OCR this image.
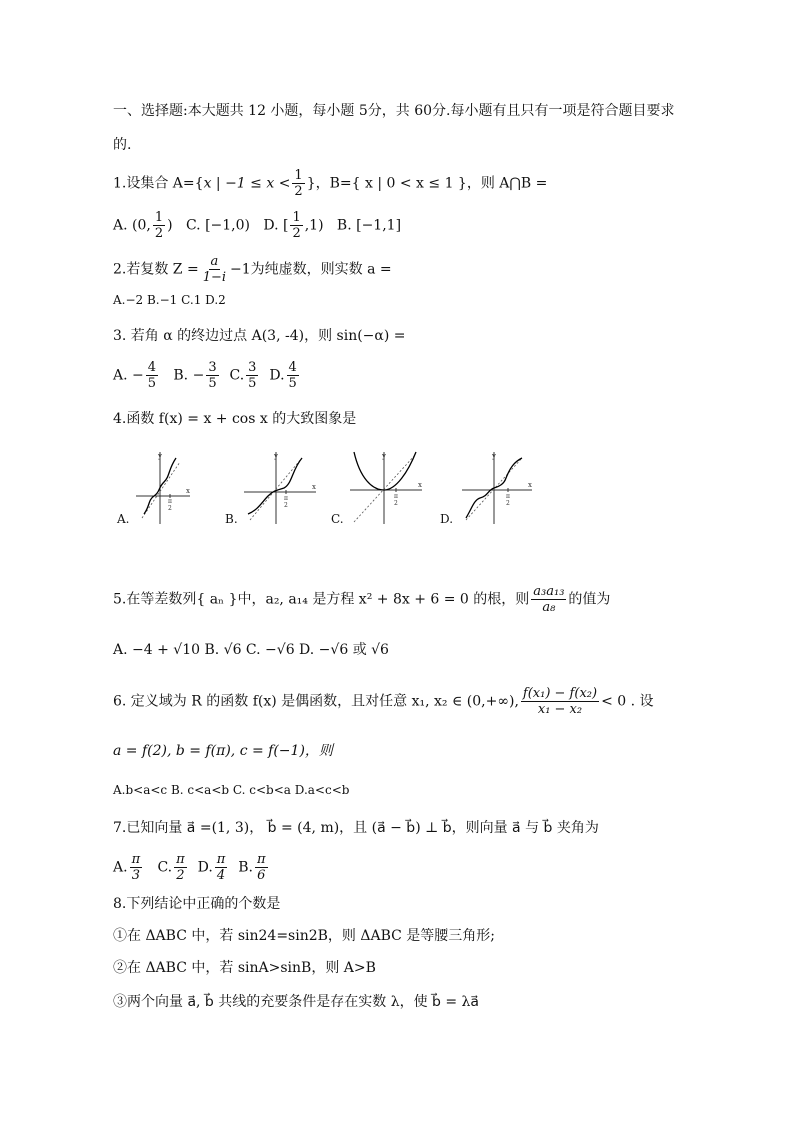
一、选择题:本大题共 12 小题，每小题 5分，共 60分.每小题有且只有一项是符合题目要求
的.
1.设集合 A={x | $-1 \le x < \frac{1}{2}$ }，B={ x | 0 < x ≤ 1 }，则 A⋂B =
A. (0, $\frac{1}{2}$ ) C. [−1,0) D. [ $\frac{1}{2} ,1$) B. [−1,1]
2.若复数 $Z = \frac{a}{1-i} -1$为纯虚数，则实数 a =
A.−2 B.−1 C.1 D.2
3. 若角 α 的终边过点 A(3, -4)，则 sin(−α) =
A. − $\frac{4}{5} B$. − $\frac{3}{5} C$. $\frac{3}{5} D$. $\frac{4}{5}$
4.函数 f(x) = x + cos x 的大致图象是
y
x
π
2
y
x
π
2
y
x
π
2
y
x
π
2
A.	B.	C.	D.
5.在等差数列{ aₙ }中，a₂, a₁₄ 是方程 x² + 8x + 6 = 0 的根，则 $\frac{\text{a₃a₁₃}}{\text{a₈}}$ 的值为
A. −4 + √10 B. √6 C. −√6 D. −√6 或 √6
6. 定义域为 R 的函数 f(x) 是偶函数，且对任意 x₁, x₂ ∈ (0,+∞), $\frac{\text{f(x₁) − f(x₂)}}{\text{x₁ − x₂}} < 0$ . 设
a = f(2), b = f(π), c = f(−1)，则
A.b<a<c B. c<a<b C. c<b<a D.a<c<b
7.已知向量 a⃗ =(1, 3)， b⃗ = (4, m)，且 (a⃗ − b⃗) ⊥ b⃗，则向量 a⃗ 与 b⃗ 夹角为
A. $\frac{\pi}{3} C$. $\frac{\pi}{2} D$. $\frac{\pi}{4} B$. $\frac{\pi}{6}$
8.下列结论中正确的个数是
①在 ΔABC 中，若 sin24=sin2B，则 ΔABC 是等腰三角形;
②在 ΔABC 中，若 sinA>sinB，则 A>B
③两个向量 a⃗, b⃗ 共线的充要条件是存在实数 λ，使 b⃗ = λa⃗
